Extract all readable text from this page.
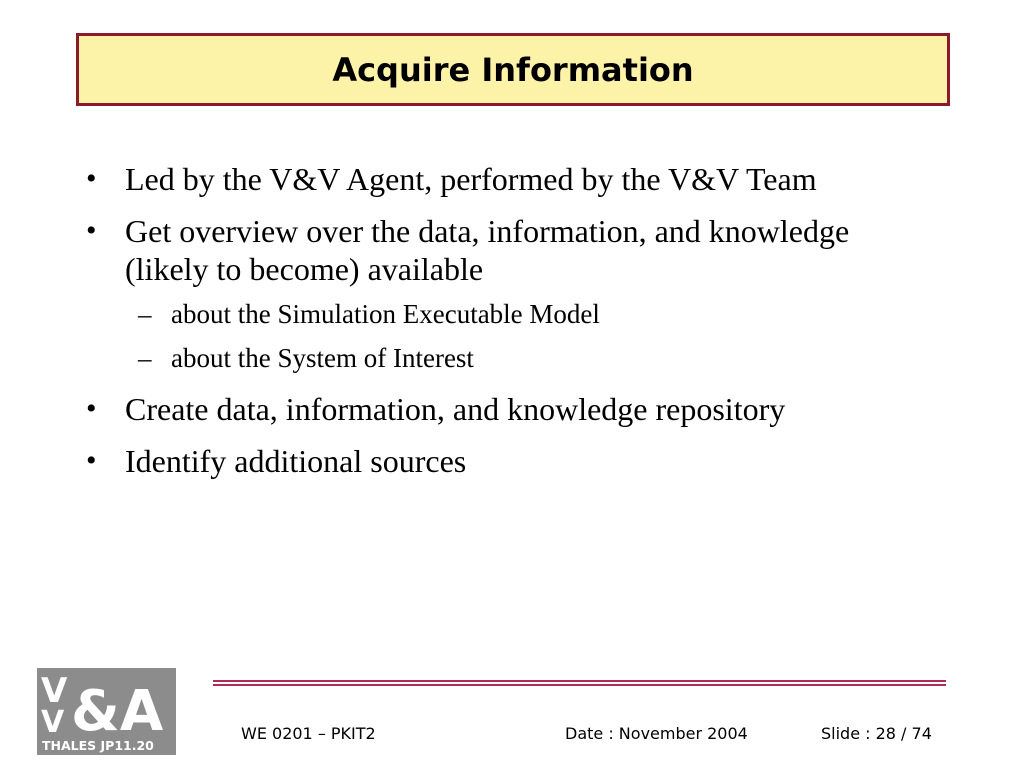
Acquire Information
• Led by the V&V Agent, performed by the V&V Team
• Get overview over the data, information, and knowledge (likely to become) available
– about the Simulation Executable Model
– about the System of Interest
• Create data, information, and knowledge repository
• Identify additional sources
V
V &A
THALES JP11.20
WE 0201 – PKIT2	Date : November 2004	Slide : 28 / 74
